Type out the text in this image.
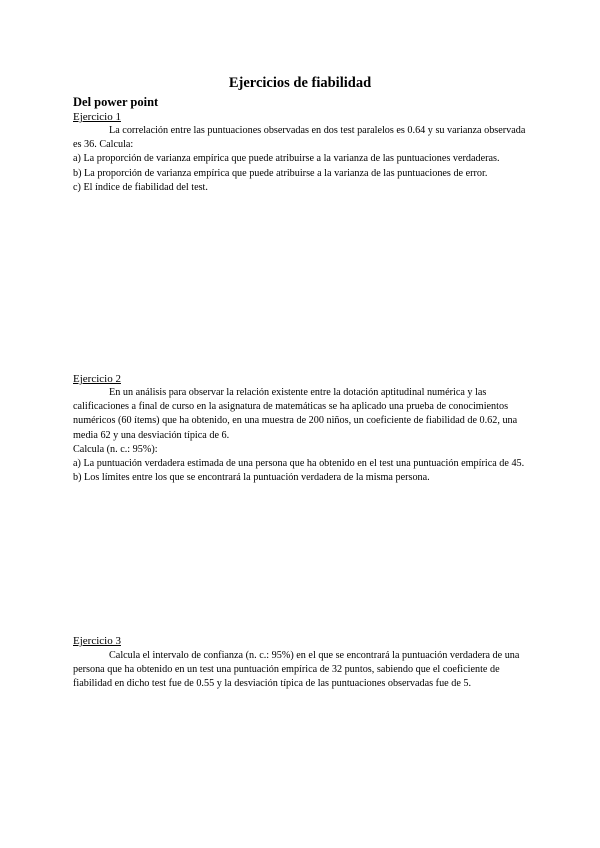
Ejercicios de fiabilidad
Del power point
Ejercicio 1

La correlación entre las puntuaciones observadas en dos test paralelos es 0.64 y su varianza observada es 36. Calcula:

a) La proporción de varianza empírica que puede atribuirse a la varianza de las puntuaciones verdaderas.

b) La proporción de varianza empírica que puede atribuirse a la varianza de las puntuaciones de error.

c) El índice de fiabilidad del test.

Ejercicio 2

En un análisis para observar la relación existente entre la dotación aptitudinal numérica y las calificaciones a final de curso en la asignatura de matemáticas se ha aplicado una prueba de conocimientos numéricos (60 ítems) que ha obtenido, en una muestra de 200 niños, un coeficiente de fiabilidad de 0.62, una media 62 y una desviación típica de 6.

Calcula (n. c.: 95%):

a) La puntuación verdadera estimada de una persona que ha obtenido en el test una puntuación empírica de 45.

b) Los límites entre los que se encontrará la puntuación verdadera de la misma persona.

Ejercicio 3

Calcula el intervalo de confianza (n. c.: 95%) en el que se encontrará la puntuación verdadera de una persona que ha obtenido en un test una puntuación empírica de 32 puntos, sabiendo que el coeficiente de fiabilidad en dicho test fue de 0.55 y la desviación típica de las puntuaciones observadas fue de 5.
